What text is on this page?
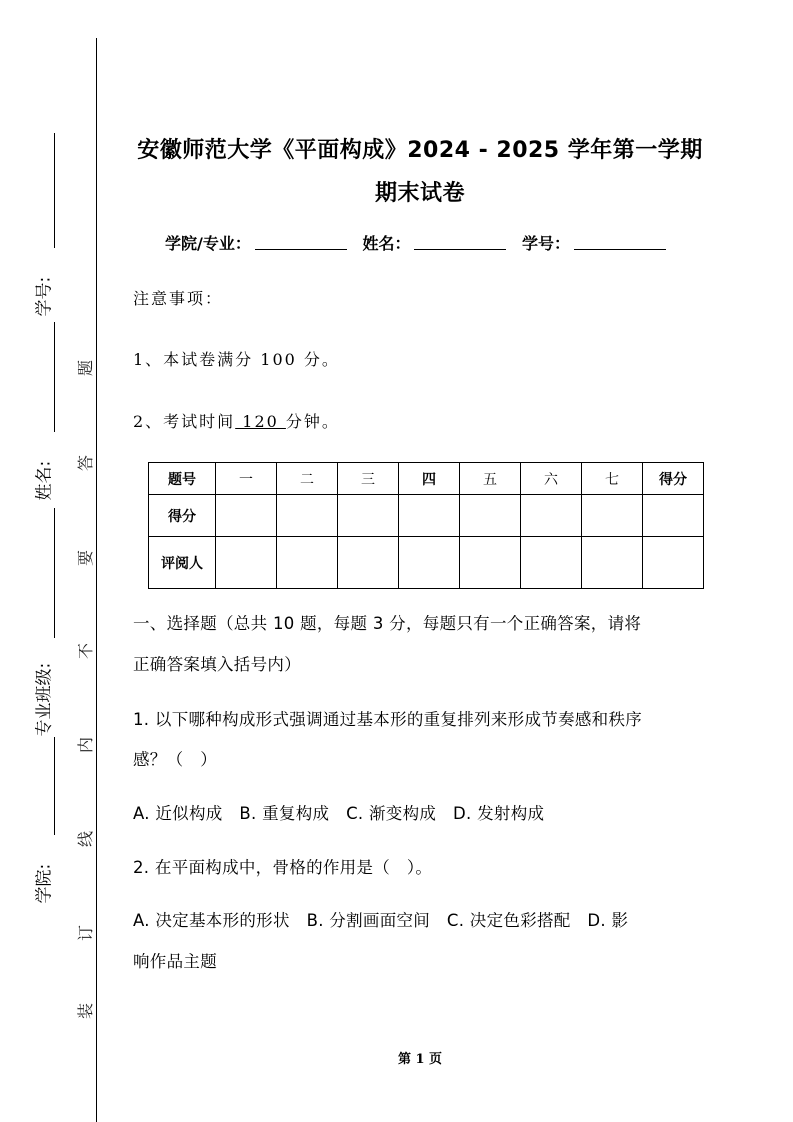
学号:
姓名:
专业班级:
学院:
题
答
要
不
内
线
订
装
安徽师范大学《平面构成》2024 - 2025 学年第一学期
期末试卷
学院/专业：	姓名：	学号：
注意事项：
1、本试卷满分 100 分。
2、考试时间 120 分钟。
题号	一	二	三	四	五	六	七	得分
得分								
评阅人								
一、选择题（总共 10 题，每题 3 分，每题只有一个正确答案，请将
正确答案填入括号内）
1. 以下哪种构成形式强调通过基本形的重复排列来形成节奏感和秩序
感？（　）
A. 近似构成　B. 重复构成　C. 渐变构成　D. 发射构成
2. 在平面构成中，骨格的作用是（　）。
A. 决定基本形的形状　B. 分割画面空间　C. 决定色彩搭配　D. 影
响作品主题
第 1 页
